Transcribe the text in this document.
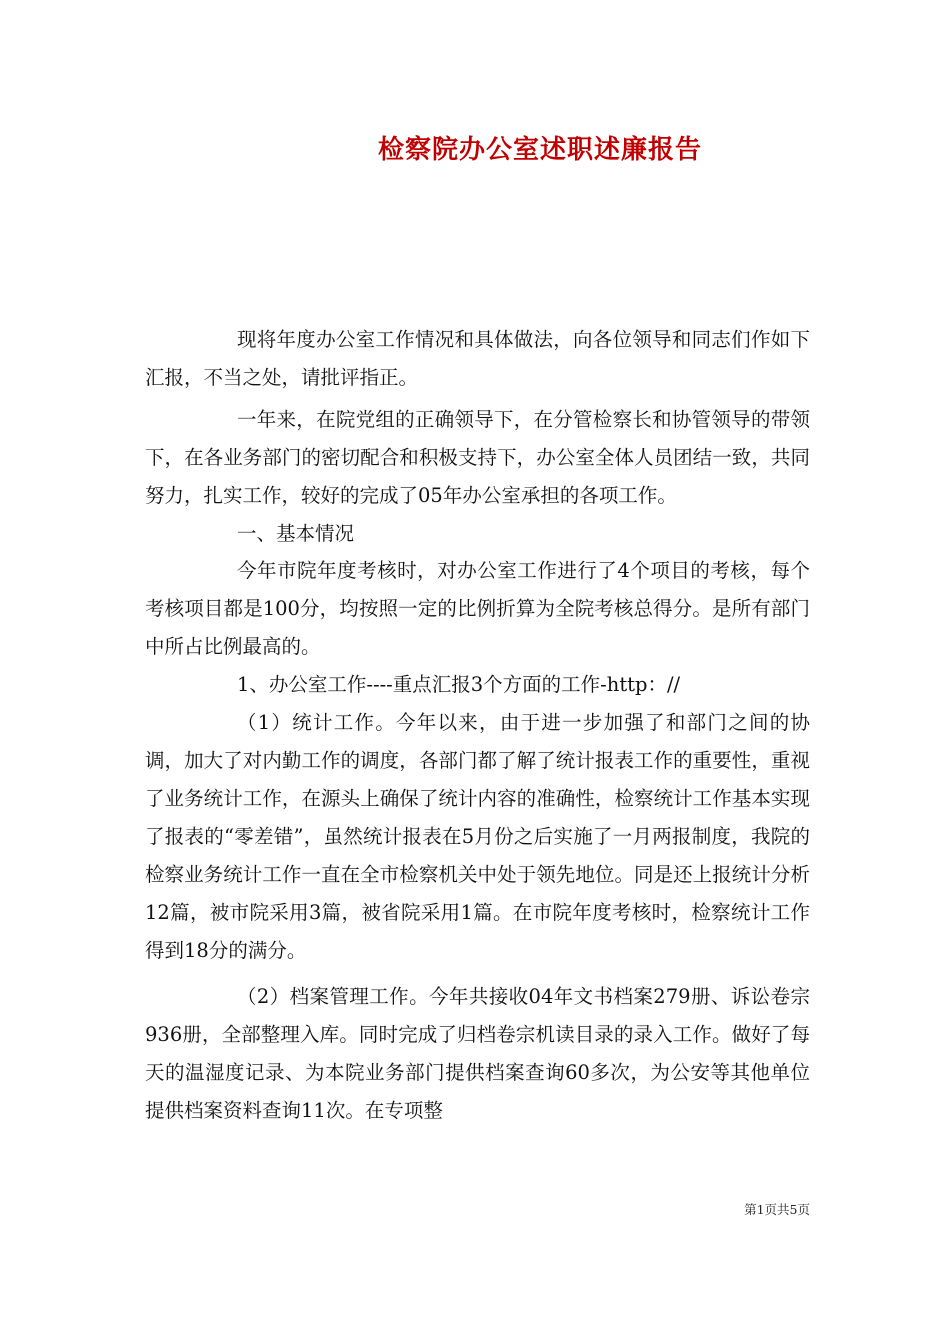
检察院办公室述职述廉报告

现将年度办公室工作情况和具体做法，向各位领导和同志们作如下汇报，不当之处，请批评指正。

一年来，在院党组的正确领导下，在分管检察长和协管领导的带领下，在各业务部门的密切配合和积极支持下，办公室全体人员团结一致，共同努力，扎实工作，较好的完成了05年办公室承担的各项工作。

一、基本情况

今年市院年度考核时，对办公室工作进行了4个项目的考核，每个考核项目都是100分，均按照一定的比例折算为全院考核总得分。是所有部门中所占比例最高的。

1、办公室工作----重点汇报3个方面的工作-http：//

（1）统计工作。今年以来，由于进一步加强了和部门之间的协调，加大了对内勤工作的调度，各部门都了解了统计报表工作的重要性，重视了业务统计工作，在源头上确保了统计内容的准确性，检察统计工作基本实现了报表的“零差错”，虽然统计报表在5月份之后实施了一月两报制度，我院的检察业务统计工作一直在全市检察机关中处于领先地位。同是还上报统计分析12篇，被市院采用3篇，被省院采用1篇。在市院年度考核时，检察统计工作得到18分的满分。

（2）档案管理工作。今年共接收04年文书档案279册、诉讼卷宗936册，全部整理入库。同时完成了归档卷宗机读目录的录入工作。做好了每天的温湿度记录、为本院业务部门提供档案查询60多次，为公安等其他单位提供档案资料查询11次。在专项整

第1页共5页
